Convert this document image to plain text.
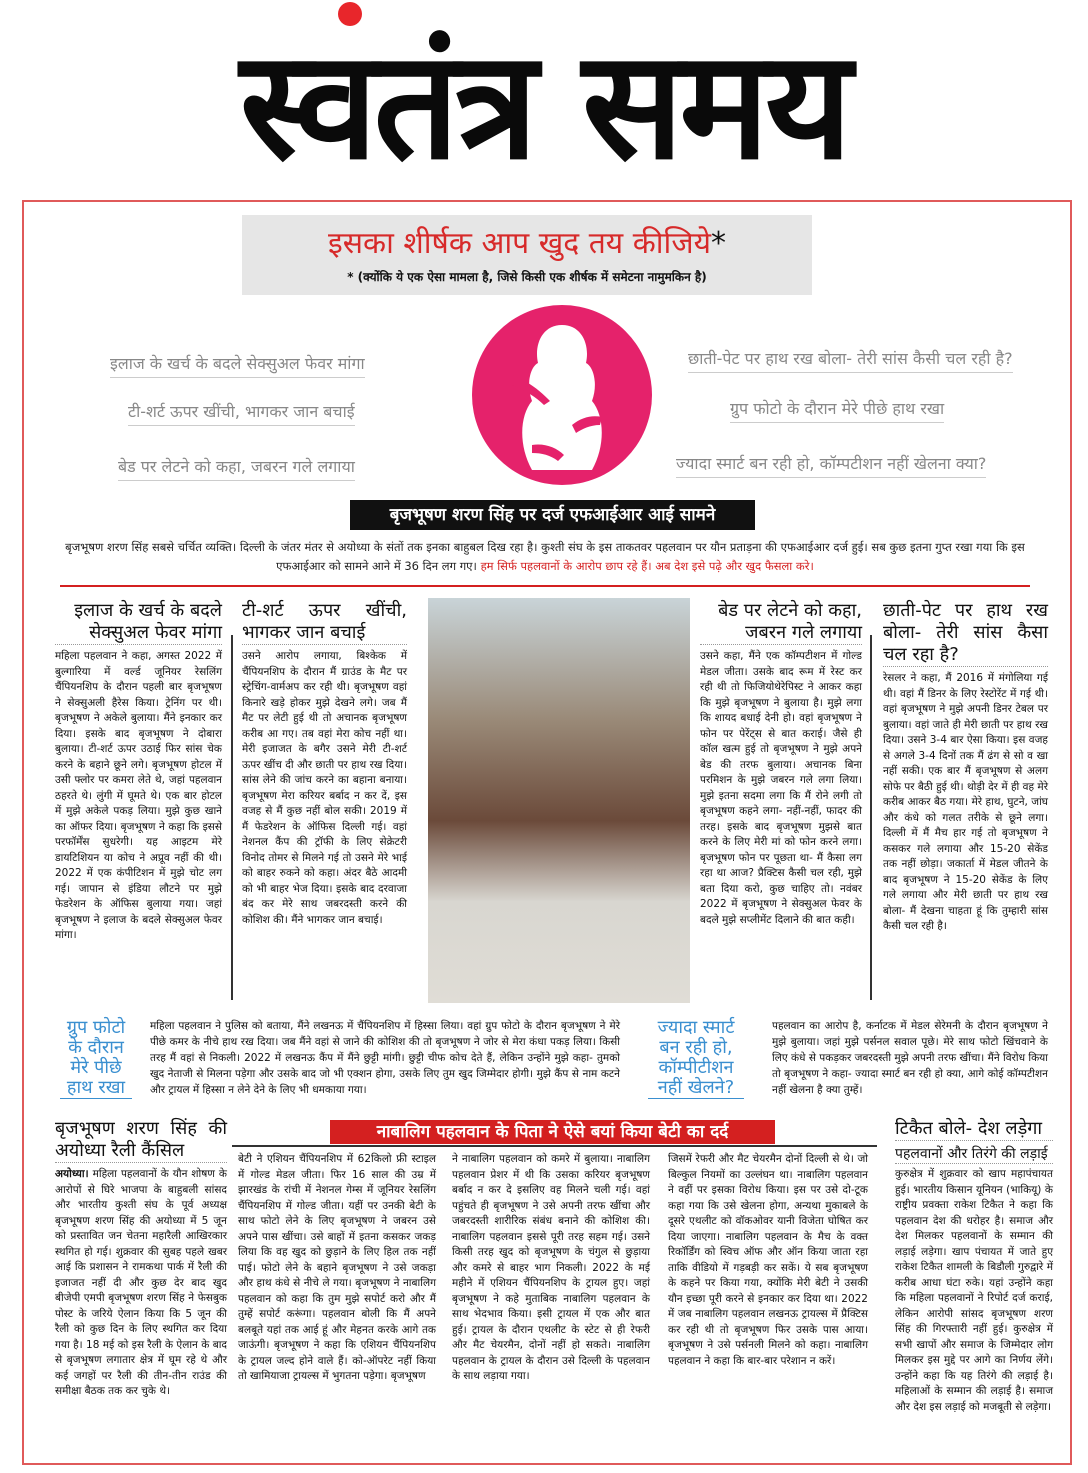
स्वतंत्र समय
इसका शीर्षक आप खुद तय कीजिये*
* (क्योंकि ये एक ऐसा मामला है, जिसे किसी एक शीर्षक में समेटना नामुमकिन है)
इलाज के खर्च के बदले सेक्सुअल फेवर मांगा
टी-शर्ट ऊपर खींची, भागकर जान बचाई
बेड पर लेटने को कहा, जबरन गले लगाया
छाती-पेट पर हाथ रख बोला- तेरी सांस कैसी चल रही है?
ग्रुप फोटो के दौरान मेरे पीछे हाथ रखा
ज्यादा स्मार्ट बन रही हो, कॉम्पटीशन नहीं खेलना क्या?
बृजभूषण शरण सिंह पर दर्ज एफआईआर आई सामने
बृजभूषण शरण सिंह सबसे चर्चित व्यक्ति। दिल्ली के जंतर मंतर से अयोध्या के संतों तक इनका बाहुबल दिख रहा है। कुश्ती संघ के इस ताकतवर पहलवान पर यौन प्रताड़ना की एफआईआर दर्ज हुई। सब कुछ इतना गुप्त रखा गया कि इस एफआईआर को सामने आने में 36 दिन लग गए। हम सिर्फ पहलवानों के आरोप छाप रहे हैं। अब देश इसे पढ़े और खुद फैसला करे।
इलाज के खर्च के बदले सेक्सुअल फेवर मांगा
महिला पहलवान ने कहा, अगस्त 2022 में बुल्गारिया में वर्ल्ड जूनियर रेसलिंग चैंपियनशिप के दौरान पहली बार बृजभूषण ने सेक्सुअली हैरेस किया। ट्रेनिंग पर थी। बृजभूषण ने अकेले बुलाया। मैंने इनकार कर दिया। इसके बाद बृजभूषण ने दोबारा बुलाया। टी-शर्ट ऊपर उठाई फिर सांस चेक करने के बहाने छूने लगे। बृजभूषण होटल में उसी फ्लोर पर कमरा लेते थे, जहां पहलवान ठहरते थे। लुंगी में घूमते थे। एक बार होटल में मुझे अकेले पकड़ लिया। मुझे कुछ खाने का ऑफर दिया। बृजभूषण ने कहा कि इससे परफॉर्मेंस सुधरेगी। यह आइटम मेरे डायटिशियन या कोच ने अप्रूव नहीं की थी। 2022 में एक कंपीटिशन में मुझे चोट लग गई। जापान से इंडिया लौटने पर मुझे फेडरेशन के ऑफिस बुलाया गया। जहां बृजभूषण ने इलाज के बदले सेक्सुअल फेवर मांगा।
टी-शर्ट ऊपर खींची, भागकर जान बचाई
उसने आरोप लगाया, बिश्केक में चैंपियनशिप के दौरान मैं ग्राउंड के मैट पर स्ट्रेचिंग-वार्मअप कर रही थी। बृजभूषण वहां किनारे खड़े होकर मुझे देखने लगे। जब मैं मैट पर लेटी हुई थी तो अचानक बृजभूषण करीब आ गए। तब वहां मेरा कोच नहीं था। मेरी इजाजत के बगैर उसने मेरी टी-शर्ट ऊपर खींच दी और छाती पर हाथ रख दिया। सांस लेने की जांच करने का बहाना बनाया। बृजभूषण मेरा करियर बर्बाद न कर दें, इस वजह से मैं कुछ नहीं बोल सकी। 2019 में मैं फेडरेशन के ऑफिस दिल्ली गई। वहां नेशनल कैंप की ट्रॉफी के लिए सेक्रेटरी विनोद तोमर से मिलने गई तो उसने मेरे भाई को बाहर रुकने को कहा। अंदर बैठे आदमी को भी बाहर भेज दिया। इसके बाद दरवाजा बंद कर मेरे साथ जबरदस्ती करने की कोशिश की। मैंने भागकर जान बचाई।
बेड पर लेटने को कहा, जबरन गले लगाया
उसने कहा, मैंने एक कॉम्पटीशन में गोल्ड मेडल जीता। उसके बाद रूम में रेस्ट कर रही थी तो फिजियोथेरेपिस्ट ने आकर कहा कि मुझे बृजभूषण ने बुलाया है। मुझे लगा कि शायद बधाई देनी हो। वहां बृजभूषण ने फोन पर पेरेंट्स से बात कराई। जैसे ही कॉल खत्म हुई तो बृजभूषण ने मुझे अपने बेड की तरफ बुलाया। अचानक बिना परमिशन के मुझे जबरन गले लगा लिया। मुझे इतना सदमा लगा कि मैं रोने लगी तो बृजभूषण कहने लगा- नहीं-नहीं, फादर की तरह। इसके बाद बृजभूषण मुझसे बात करने के लिए मेरी मां को फोन करने लगा। बृजभूषण फोन पर पूछता था- मैं कैसा लग रहा था आज? प्रैक्टिस कैसी चल रही, मुझे बता दिया करो, कुछ चाहिए तो। नवंबर 2022 में बृजभूषण ने सेक्सुअल फेवर के बदले मुझे सप्लीमेंट दिलाने की बात कही।
छाती-पेट पर हाथ रख बोला- तेरी सांस कैसा चल रहा है?
रेसलर ने कहा, मैं 2016 में मंगोलिया गई थी। वहां मैं डिनर के लिए रेस्टोरेंट में गई थी। वहां बृजभूषण ने मुझे अपनी डिनर टेबल पर बुलाया। वहां जाते ही मेरी छाती पर हाथ रख दिया। उसने 3-4 बार ऐसा किया। इस वजह से अगले 3-4 दिनों तक मैं ढंग से सो व खा नहीं सकी। एक बार मैं बृजभूषण से अलग सोफे पर बैठी हुई थी। थोड़ी देर में ही वह मेरे करीब आकर बैठ गया। मेरे हाथ, घुटने, जांघ और कंधे को गलत तरीके से छूने लगा। दिल्ली में मैं मैच हार गई तो बृजभूषण ने कसकर गले लगाया और 15-20 सेकेंड तक नहीं छोड़ा। जकार्ता में मेडल जीतने के बाद बृजभूषण ने 15-20 सेकेंड के लिए गले लगाया और मेरी छाती पर हाथ रख बोला- मैं देखना चाहता हूं कि तुम्हारी सांस कैसी चल रही है।
ग्रुप फोटो के दौरान मेरे पीछे हाथ रखा
महिला पहलवान ने पुलिस को बताया, मैंने लखनऊ में चैंपियनशिप में हिस्सा लिया। वहां ग्रुप फोटो के दौरान बृजभूषण ने मेरे पीछे कमर के नीचे हाथ रख दिया। जब मैंने वहां से जाने की कोशिश की तो बृजभूषण ने जोर से मेरा कंधा पकड़ लिया। किसी तरह मैं वहां से निकली। 2022 में लखनऊ कैंप में मैंने छुट्टी मांगी। छुट्टी चीफ कोच देते हैं, लेकिन उन्होंने मुझे कहा- तुमको खुद नेताजी से मिलना पड़ेगा और उसके बाद जो भी एक्शन होगा, उसके लिए तुम खुद जिम्मेदार होगी। मुझे कैंप से नाम कटने और ट्रायल में हिस्सा न लेने देने के लिए भी धमकाया गया।
ज्यादा स्मार्ट बन रही हो, कॉम्पीटीशन नहीं खेलने?
पहलवान का आरोप है, कर्नाटक में मेडल सेरेमनी के दौरान बृजभूषण ने मुझे बुलाया। जहां मुझे पर्सनल सवाल पूछे। मेरे साथ फोटो खिंचवाने के लिए कंधे से पकड़कर जबरदस्ती मुझे अपनी तरफ खींचा। मैंने विरोध किया तो बृजभूषण ने कहा- ज्यादा स्मार्ट बन रही हो क्या, आगे कोई कॉम्पटीशन नहीं खेलना है क्या तुम्हें।
बृजभूषण शरण सिंह की अयोध्या रैली कैंसिल
अयोध्या। महिला पहलवानों के यौन शोषण के आरोपों से घिरे भाजपा के बाहुबली सांसद और भारतीय कुश्ती संघ के पूर्व अध्यक्ष बृजभूषण शरण सिंह की अयोध्या में 5 जून को प्रस्तावित जन चेतना महारैली आखिरकार स्थगित हो गई। शुक्रवार की सुबह पहले खबर आई कि प्रशासन ने रामकथा पार्क में रैली की इजाजत नहीं दी और कुछ देर बाद खुद बीजेपी एमपी बृजभूषण शरण सिंह ने फेसबुक पोस्ट के जरिये ऐलान किया कि 5 जून की रैली को कुछ दिन के लिए स्थगित कर दिया गया है। 18 मई को इस रैली के ऐलान के बाद से बृजभूषण लगातार क्षेत्र में घूम रहे थे और कई जगहों पर रैली की तीन-तीन राउंड की समीक्षा बैठक तक कर चुके थे।
नाबालिग पहलवान के पिता ने ऐसे बयां किया बेटी का दर्द
बेटी ने एशियन चैंपियनशिप में 62किलो फ्री स्टाइल में गोल्ड मेडल जीता। फिर 16 साल की उम्र में झारखंड के रांची में नेशनल गेम्स में जूनियर रेसलिंग चैंपियनशिप में गोल्ड जीता। यहीं पर उनकी बेटी के साथ फोटो लेने के लिए बृजभूषण ने जबरन उसे अपने पास खींचा। उसे बाहों में इतना कसकर जकड़ लिया कि वह खुद को छुड़ाने के लिए हिल तक नहीं पाई। फोटो लेने के बहाने बृजभूषण ने उसे जकड़ा और हाथ कंधे से नीचे ले गया। बृजभूषण ने नाबालिग पहलवान को कहा कि तुम मुझे सपोर्ट करो और मैं तुम्हें सपोर्ट करूंगा। पहलवान बोली कि मैं अपने बलबूते यहां तक आई हूं और मेहनत करके आगे तक जाऊंगी। बृजभूषण ने कहा कि एशियन चैंपियनशिप के ट्रायल जल्द होने वाले हैं। को-ऑपरेट नहीं किया तो खामियाजा ट्रायल्स में भुगतना पड़ेगा। बृजभूषण
ने नाबालिग पहलवान को कमरे में बुलाया। नाबालिग पहलवान प्रेशर में थी कि उसका करियर बृजभूषण बर्बाद न कर दे इसलिए वह मिलने चली गई। वहां पहुंचते ही बृजभूषण ने उसे अपनी तरफ खींचा और जबरदस्ती शारीरिक संबंध बनाने की कोशिश की। नाबालिग पहलवान इससे पूरी तरह सहम गई। उसने किसी तरह खुद को बृजभूषण के चंगुल से छुड़ाया और कमरे से बाहर भाग निकली। 2022 के मई महीने में एशियन चैंपियनशिप के ट्रायल हुए। जहां बृजभूषण ने कहे मुताबिक नाबालिग पहलवान के साथ भेदभाव किया। इसी ट्रायल में एक और बात हुई। ट्रायल के दौरान एथलीट के स्टेट से ही रेफरी और मैट चेयरमैन, दोनों नहीं हो सकते। नाबालिग पहलवान के ट्रायल के दौरान उसे दिल्ली के पहलवान के साथ लड़ाया गया।
जिसमें रेफरी और मैट चेयरमैन दोनों दिल्ली से थे। जो बिल्कुल नियमों का उल्लंघन था। नाबालिग पहलवान ने वहीं पर इसका विरोध किया। इस पर उसे दो-टूक कहा गया कि उसे खेलना होगा, अन्यथा मुकाबले के दूसरे एथलीट को वॉकओवर यानी विजेता घोषित कर दिया जाएगा। नाबालिग पहलवान के मैच के वक्त रिकॉर्डिंग को स्विच ऑफ और ऑन किया जाता रहा ताकि वीडियो में गड़बड़ी कर सकें। ये सब बृजभूषण के कहने पर किया गया, क्योंकि मेरी बेटी ने उसकी यौन इच्छा पूरी करने से इनकार कर दिया था। 2022 में जब नाबालिग पहलवान लखनऊ ट्रायल्स में प्रैक्टिस कर रही थी तो बृजभूषण फिर उसके पास आया। बृजभूषण ने उसे पर्सनली मिलने को कहा। नाबालिग पहलवान ने कहा कि बार-बार परेशान न करें।
टिकैत बोले- देश लड़ेगा
पहलवानों और तिरंगे की लड़ाई
कुरुक्षेत्र में शुक्रवार को खाप महापंचायत हुई। भारतीय किसान यूनियन (भाकियू) के राष्ट्रीय प्रवक्ता राकेश टिकैत ने कहा कि पहलवान देश की धरोहर है। समाज और देश मिलकर पहलवानों के सम्मान की लड़ाई लड़ेगा। खाप पंचायत में जाते हुए राकेश टिकैत शामली के बिडौली गुरुद्वारे में करीब आधा घंटा रुके। यहां उन्होंने कहा कि महिला पहलवानों ने रिपोर्ट दर्ज कराई, लेकिन आरोपी सांसद बृजभूषण शरण सिंह की गिरफ्तारी नहीं हुई। कुरुक्षेत्र में सभी खापों और समाज के जिम्मेदार लोग मिलकर इस मुद्दे पर आगे का निर्णय लेंगे। उन्होंने कहा कि यह तिरंगे की लड़ाई है। महिलाओं के सम्मान की लड़ाई है। समाज और देश इस लड़ाई को मजबूती से लड़ेगा।
